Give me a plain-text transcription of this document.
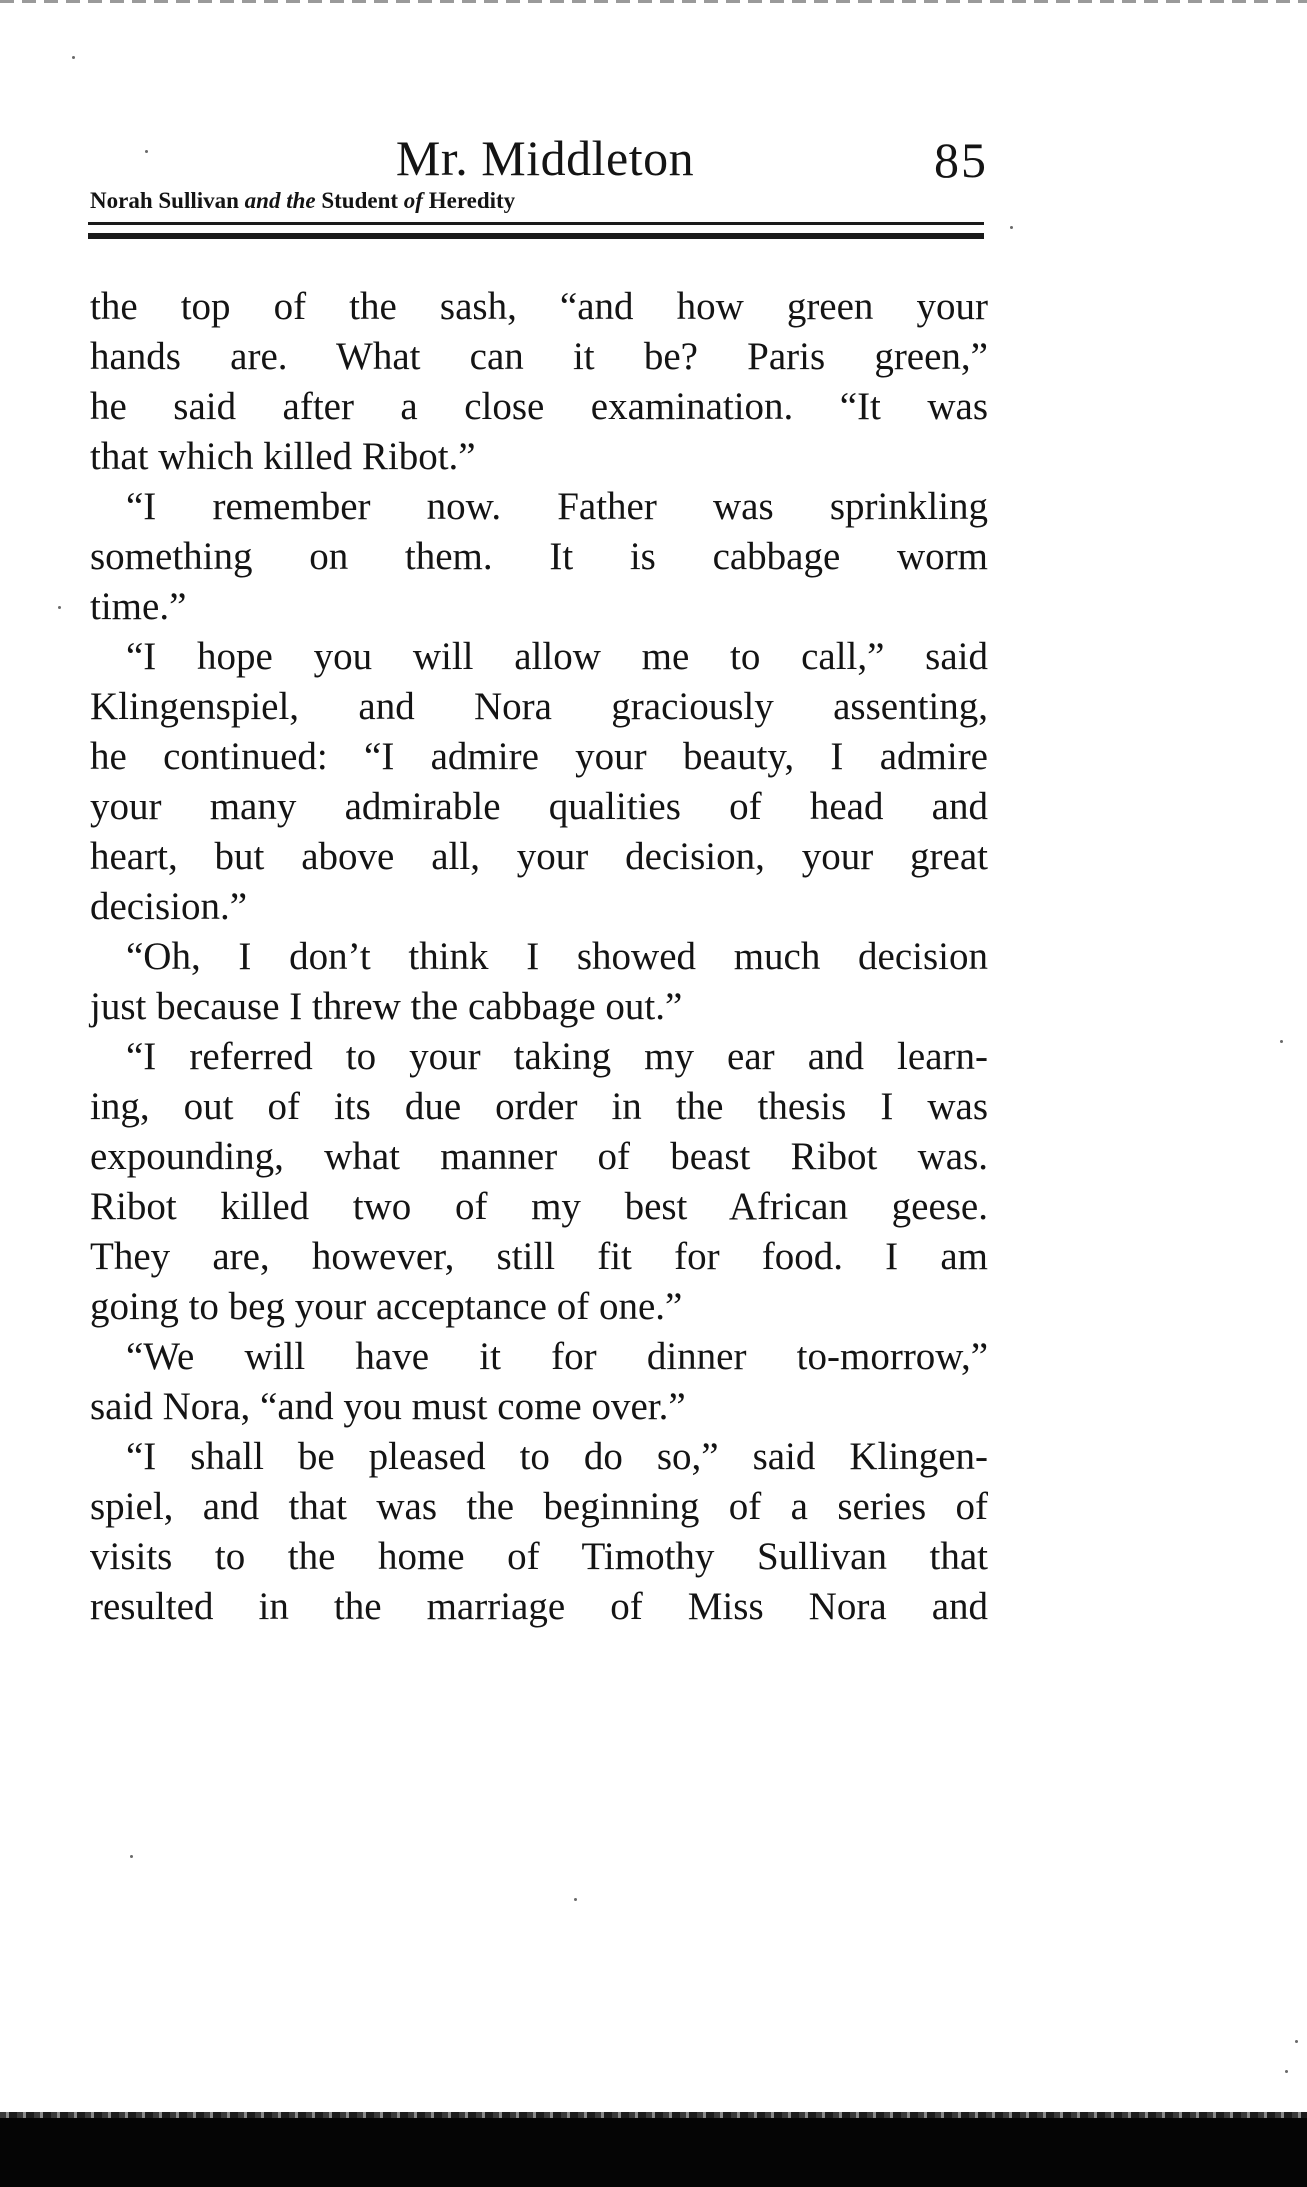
Mr. Middleton	85
Norah Sullivan and the Student of Heredity
the top of the sash, “and how green your
hands are. What can it be? Paris green,”
he said after a close examination. “It was
that which killed Ribot.”
“I remember now. Father was sprinkling
something on them. It is cabbage worm
time.”
“I hope you will allow me to call,” said
Klingenspiel, and Nora graciously assenting,
he continued: “I admire your beauty, I admire
your many admirable qualities of head and
heart, but above all, your decision, your great
decision.”
“Oh, I don’t think I showed much decision
just because I threw the cabbage out.”
“I referred to your taking my ear and learn-
ing, out of its due order in the thesis I was
expounding, what manner of beast Ribot was.
Ribot killed two of my best African geese.
They are, however, still fit for food. I am
going to beg your acceptance of one.”
“We will have it for dinner to-morrow,”
said Nora, “and you must come over.”
“I shall be pleased to do so,” said Klingen-
spiel, and that was the beginning of a series of
visits to the home of Timothy Sullivan that
resulted in the marriage of Miss Nora and
